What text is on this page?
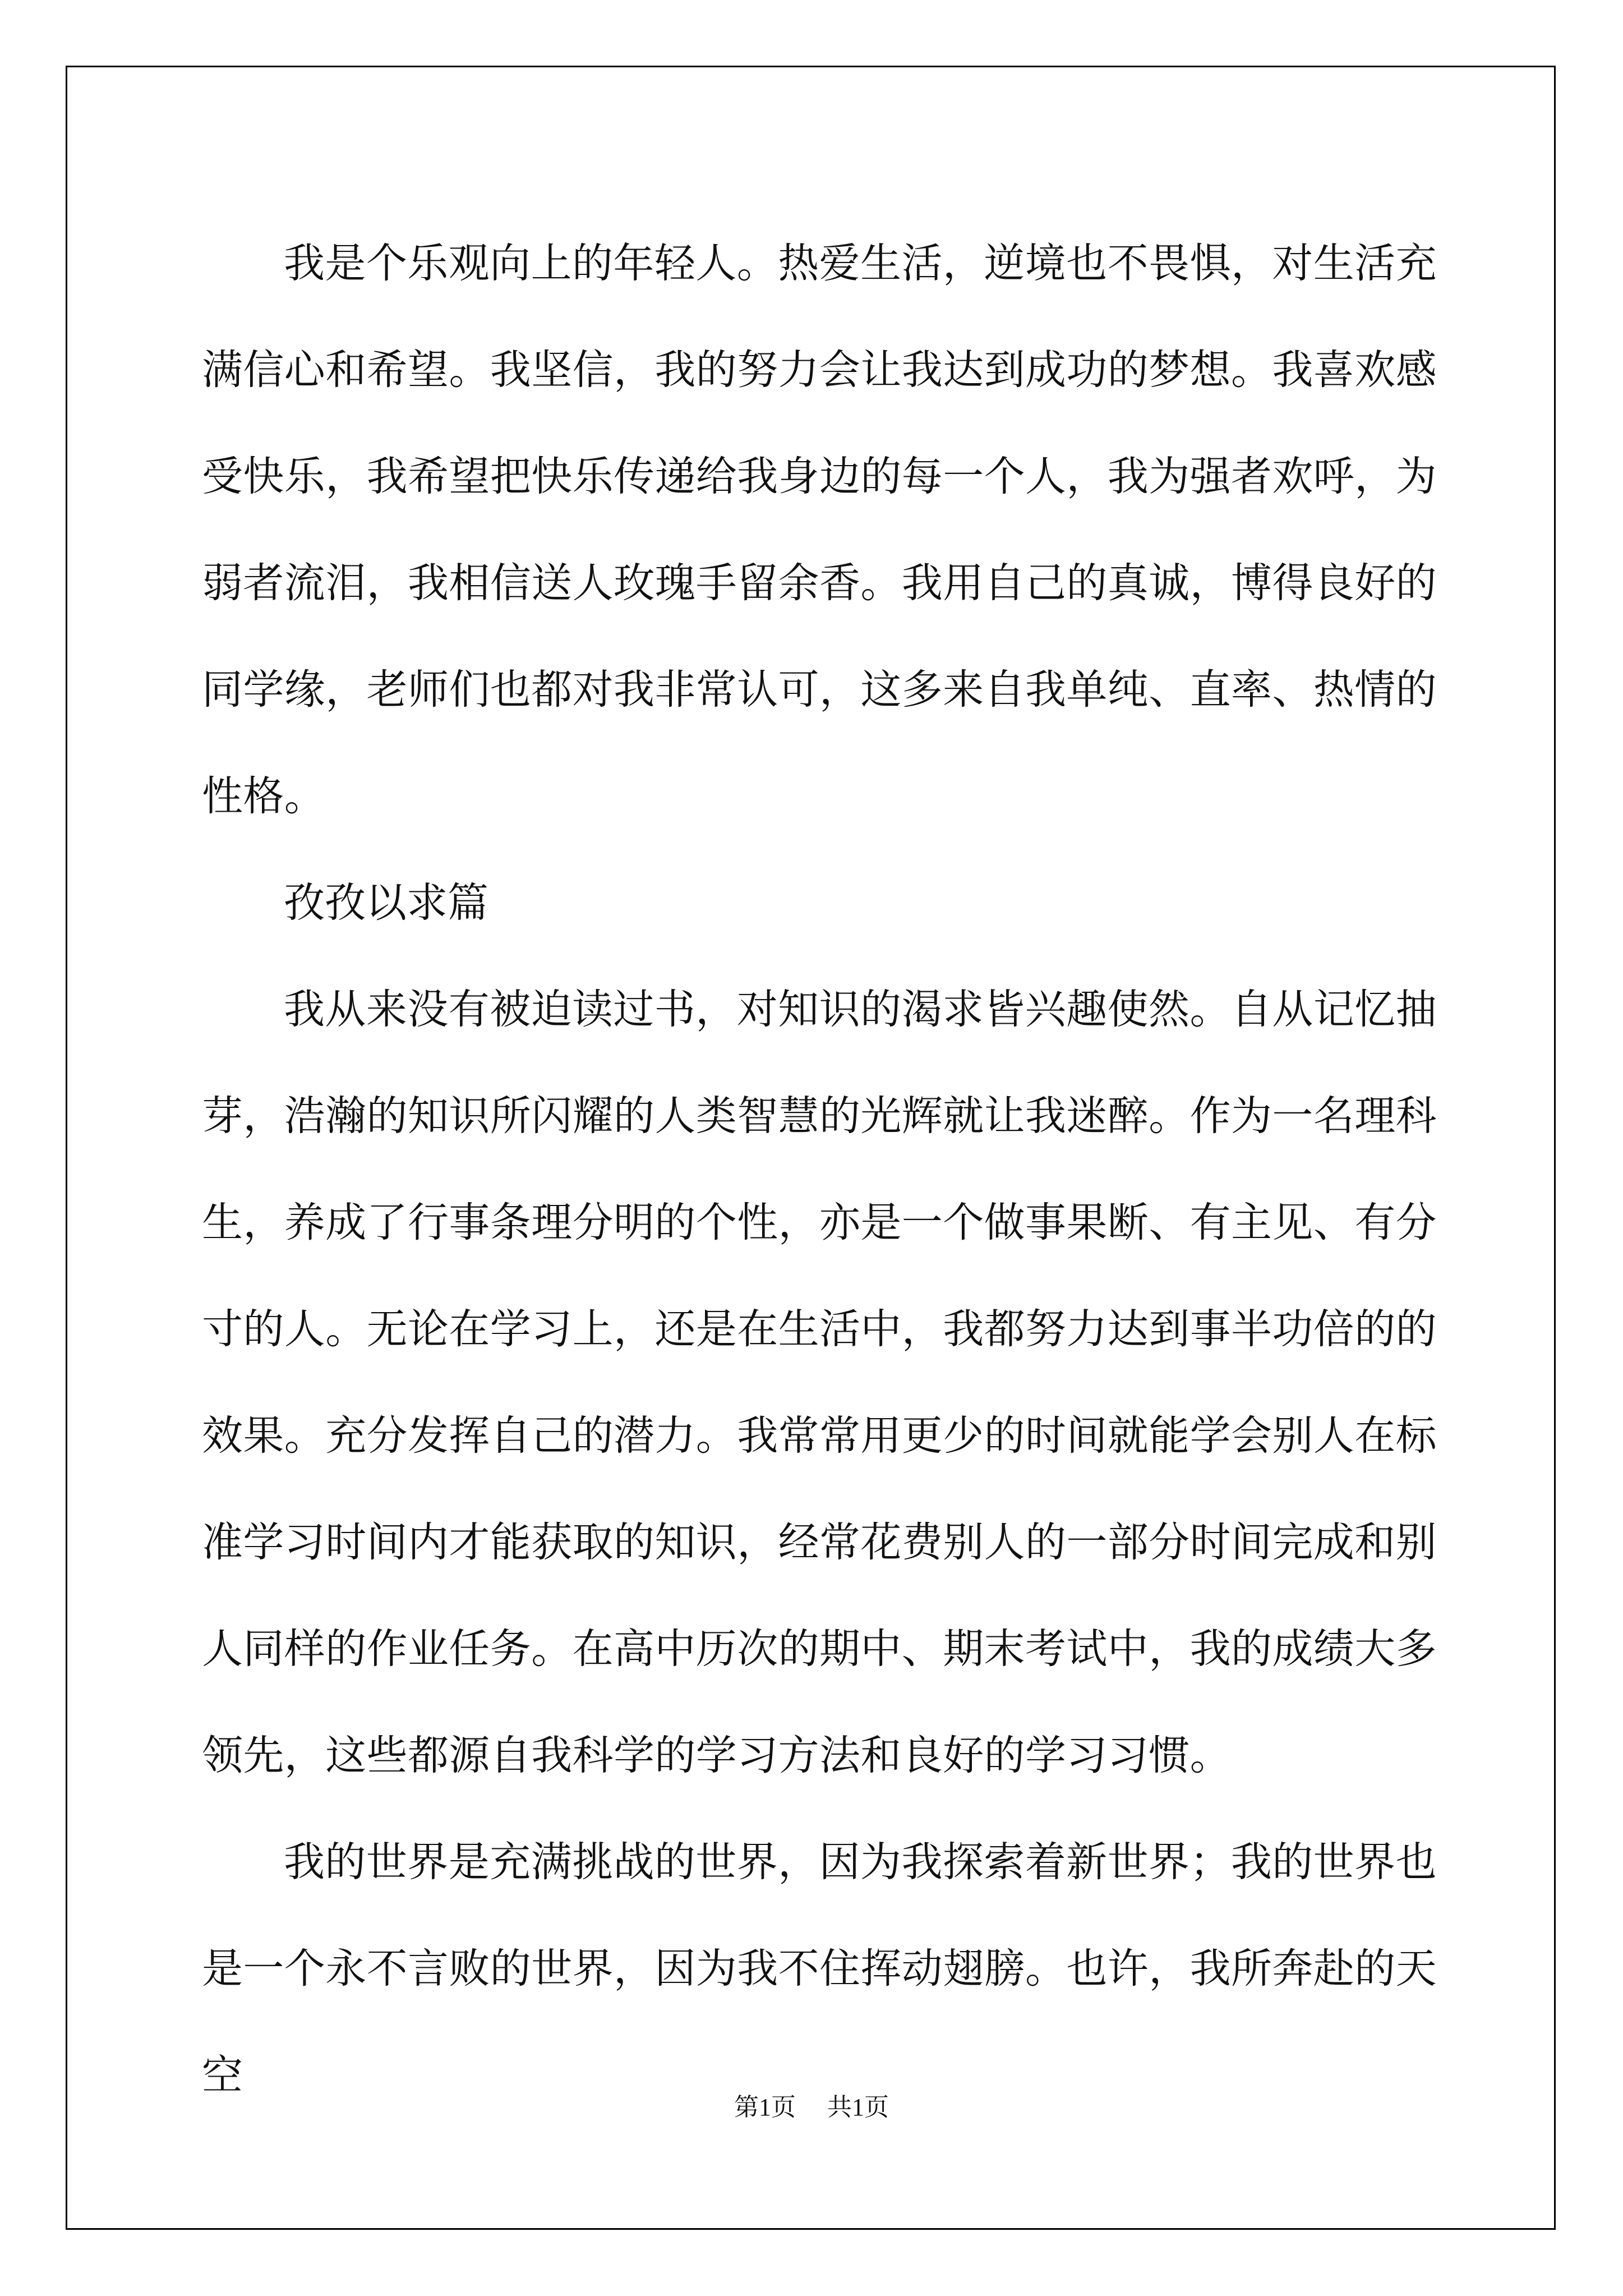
我是个乐观向上的年轻人。热爱生活，逆境也不畏惧，对生活充满信心和希望。我坚信，我的努力会让我达到成功的梦想。我喜欢感受快乐，我希望把快乐传递给我身边的每一个人，我为强者欢呼，为弱者流泪，我相信送人玫瑰手留余香。我用自己的真诚，博得良好的同学缘，老师们也都对我非常认可，这多来自我单纯、直率、热情的性格。

孜孜以求篇

我从来没有被迫读过书，对知识的渴求皆兴趣使然。自从记忆抽芽，浩瀚的知识所闪耀的人类智慧的光辉就让我迷醉。作为一名理科生，养成了行事条理分明的个性，亦是一个做事果断、有主见、有分寸的人。无论在学习上，还是在生活中，我都努力达到事半功倍的的效果。充分发挥自己的潜力。我常常用更少的时间就能学会别人在标准学习时间内才能获取的知识，经常花费别人的一部分时间完成和别人同样的作业任务。在高中历次的期中、期末考试中，我的成绩大多领先，这些都源自我科学的学习方法和良好的学习习惯。

我的世界是充满挑战的世界，因为我探索着新世界；我的世界也是一个永不言败的世界，因为我不住挥动翅膀。也许，我所奔赴的天空

第1页 共1页
